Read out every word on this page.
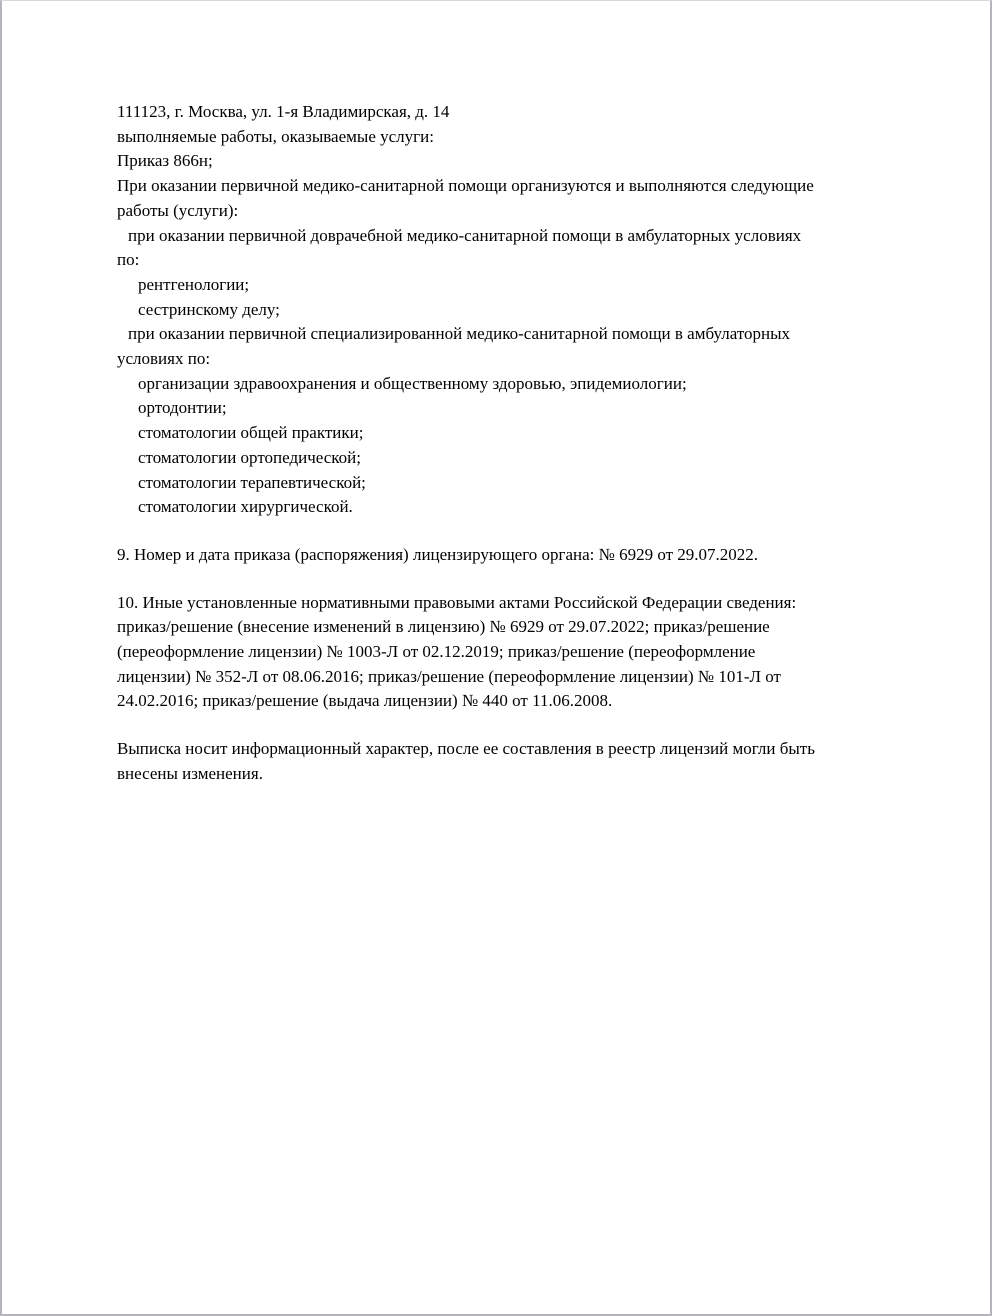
111123, г. Москва, ул. 1-я Владимирская, д. 14
выполняемые работы, оказываемые услуги:
Приказ 866н;
При оказании первичной медико-санитарной помощи организуются и выполняются следующие
работы (услуги):
при оказании первичной доврачебной медико-санитарной помощи в амбулаторных условиях
по:
рентгенологии;
сестринскому делу;
при оказании первичной специализированной медико-санитарной помощи в амбулаторных
условиях по:
организации здравоохранения и общественному здоровью, эпидемиологии;
ортодонтии;
стоматологии общей практики;
стоматологии ортопедической;
стоматологии терапевтической;
стоматологии хирургической.
9. Номер и дата приказа (распоряжения) лицензирующего органа: № 6929 от 29.07.2022.
10. Иные установленные нормативными правовыми актами Российской Федерации сведения:
приказ/решение (внесение изменений в лицензию) № 6929 от 29.07.2022; приказ/решение
(переоформление лицензии) № 1003-Л от 02.12.2019; приказ/решение (переоформление
лицензии) № 352-Л от 08.06.2016; приказ/решение (переоформление лицензии) № 101-Л от
24.02.2016; приказ/решение (выдача лицензии) № 440 от 11.06.2008.
Выписка носит информационный характер, после ее составления в реестр лицензий могли быть
внесены изменения.
